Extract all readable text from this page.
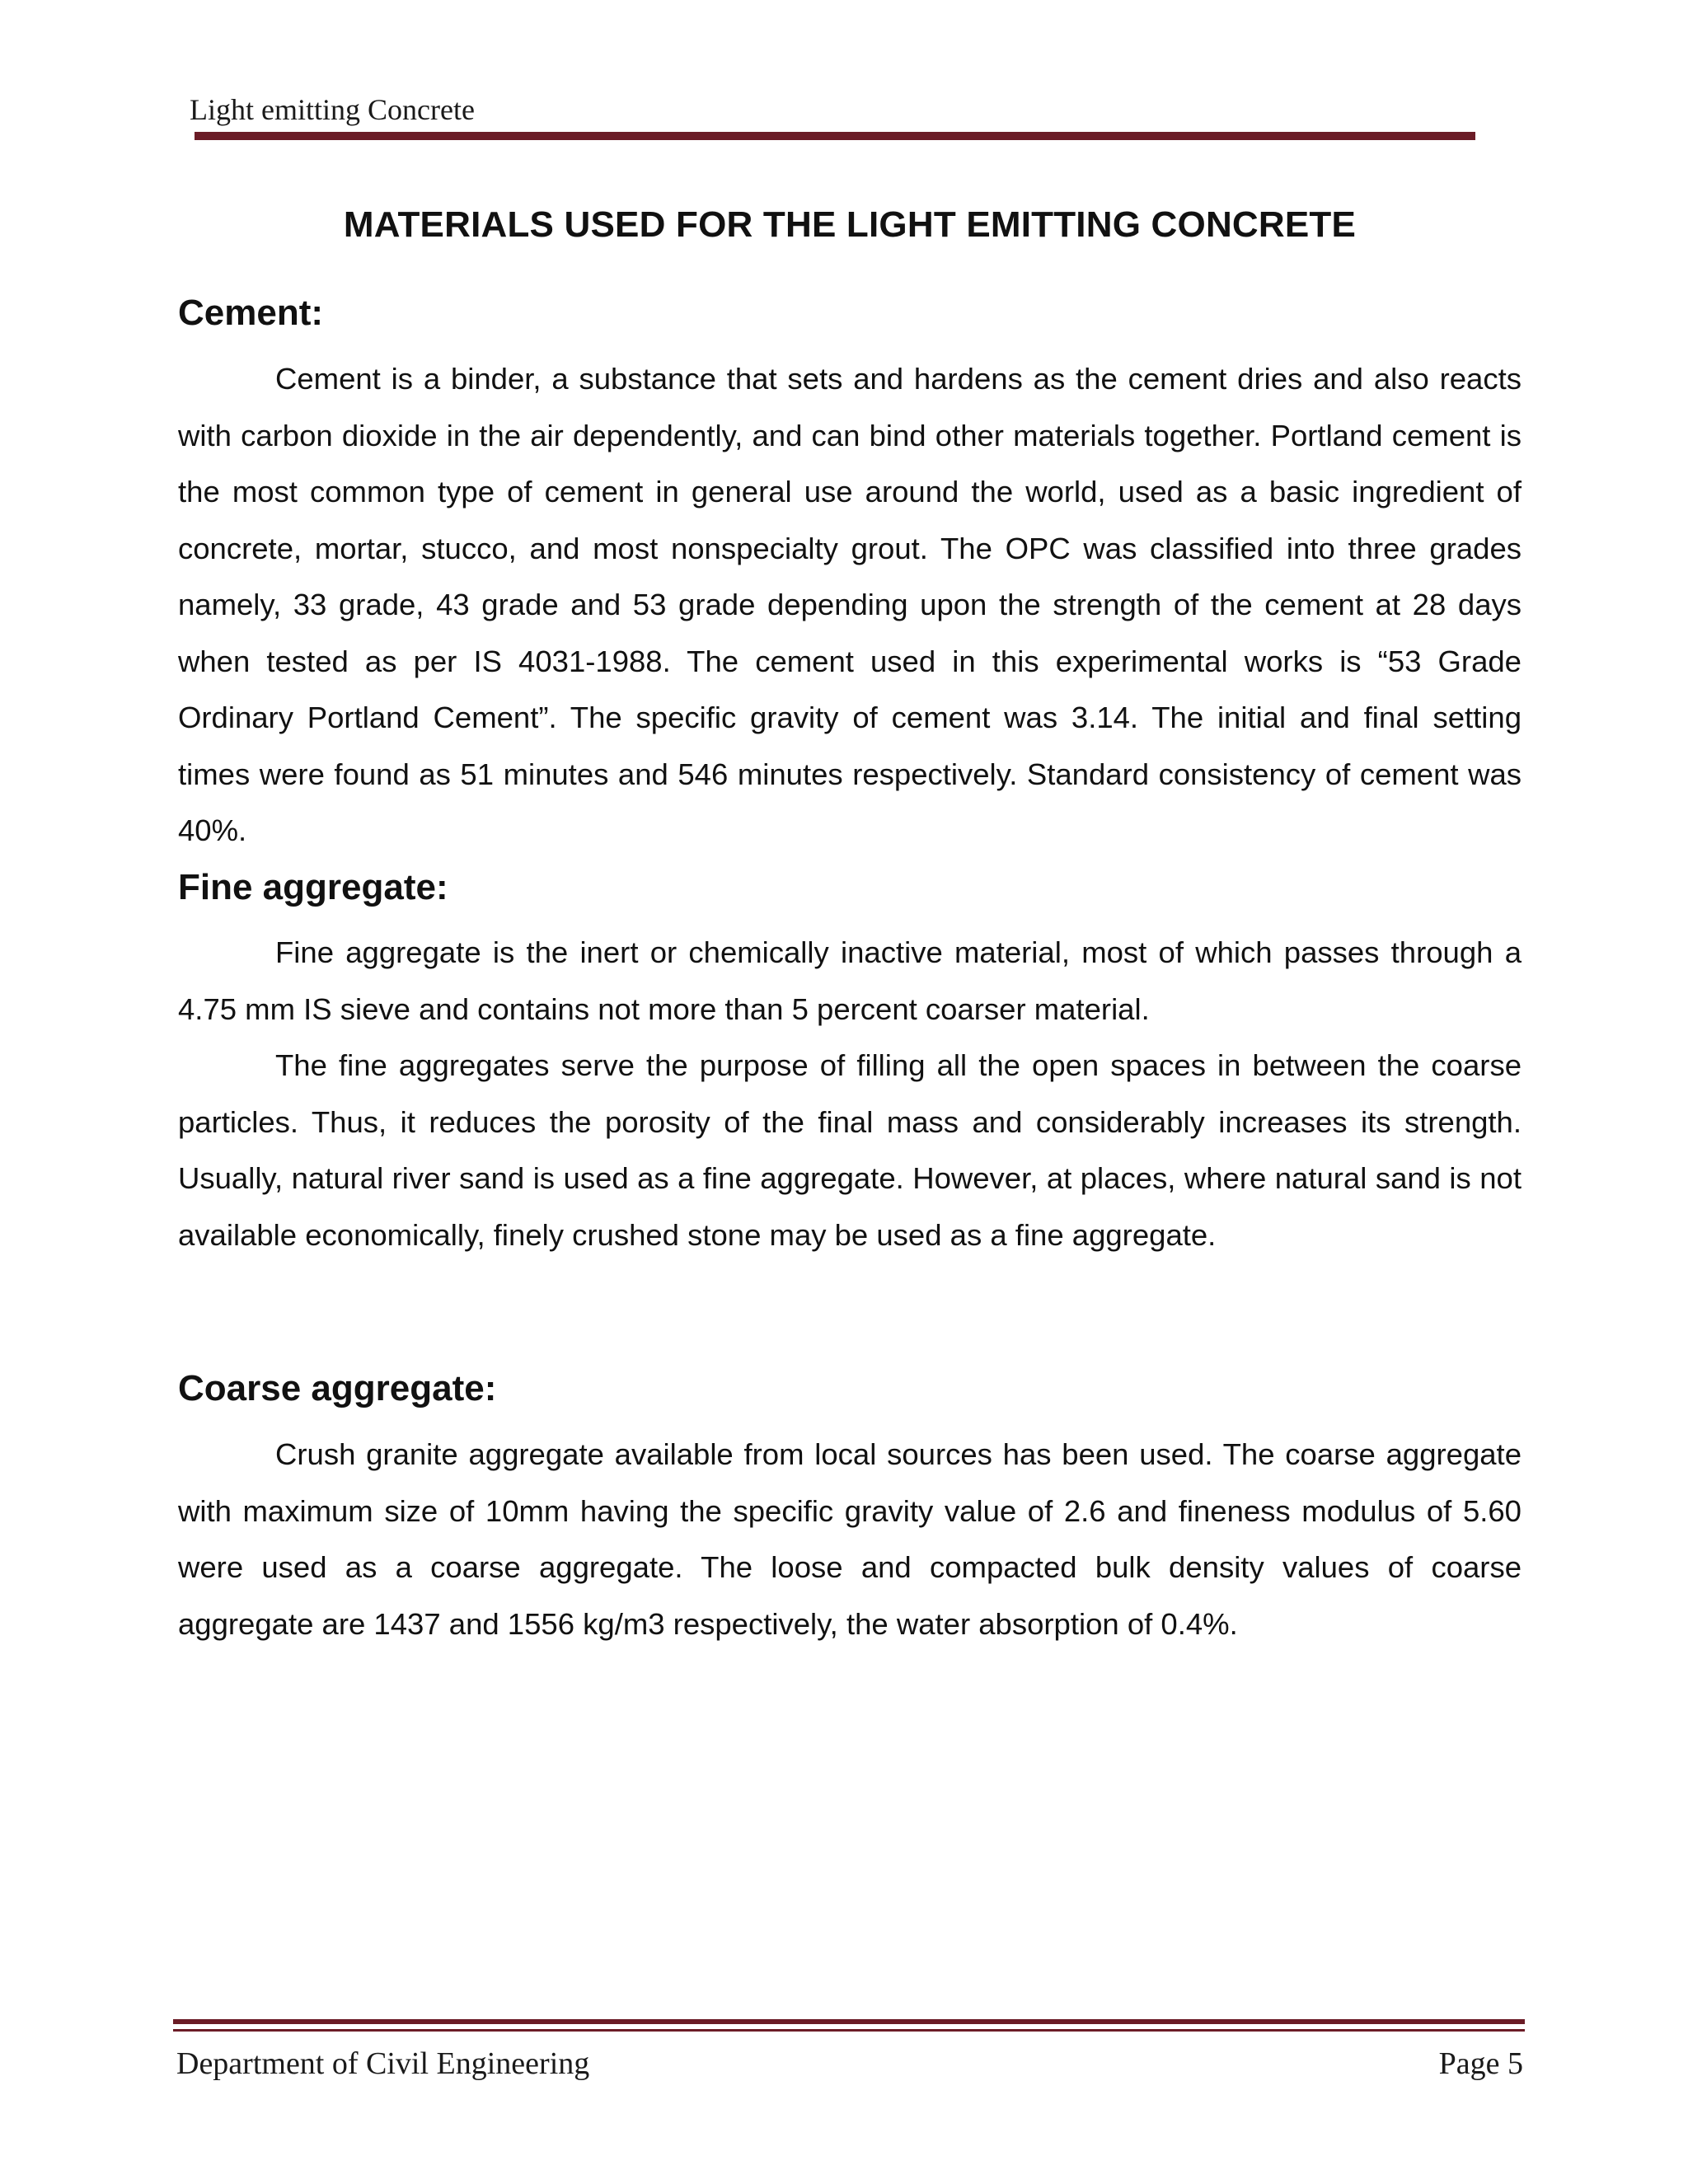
Light emitting Concrete
MATERIALS USED FOR THE LIGHT EMITTING CONCRETE
Cement:

Cement is a binder, a substance that sets and hardens as the cement dries and also reacts with carbon dioxide in the air dependently, and can bind other materials together. Portland cement is the most common type of cement in general use around the world, used as a basic ingredient of concrete, mortar, stucco, and most nonspecialty grout. The OPC was classified into three grades namely, 33 grade, 43 grade and 53 grade depending upon the strength of the cement at 28 days when tested as per IS 4031-1988. The cement used in this experimental works is “53 Grade Ordinary Portland Cement”. The specific gravity of cement was 3.14. The initial and final setting times were found as 51 minutes and 546 minutes respectively. Standard consistency of cement was 40%.

Fine aggregate:

Fine aggregate is the inert or chemically inactive material, most of which passes through a 4.75 mm IS sieve and contains not more than 5 percent coarser material.

The fine aggregates serve the purpose of filling all the open spaces in between the coarse particles. Thus, it reduces the porosity of the final mass and considerably increases its strength. Usually, natural river sand is used as a fine aggregate. However, at places, where natural sand is not available economically, finely crushed stone may be used as a fine aggregate.

Coarse aggregate:

Crush granite aggregate available from local sources has been used. The coarse aggregate with maximum size of 10mm having the specific gravity value of 2.6 and fineness modulus of 5.60 were used as a coarse aggregate. The loose and compacted bulk density values of coarse aggregate are 1437 and 1556 kg/m3 respectively, the water absorption of 0.4%.

Department of Civil Engineering	Page 5
